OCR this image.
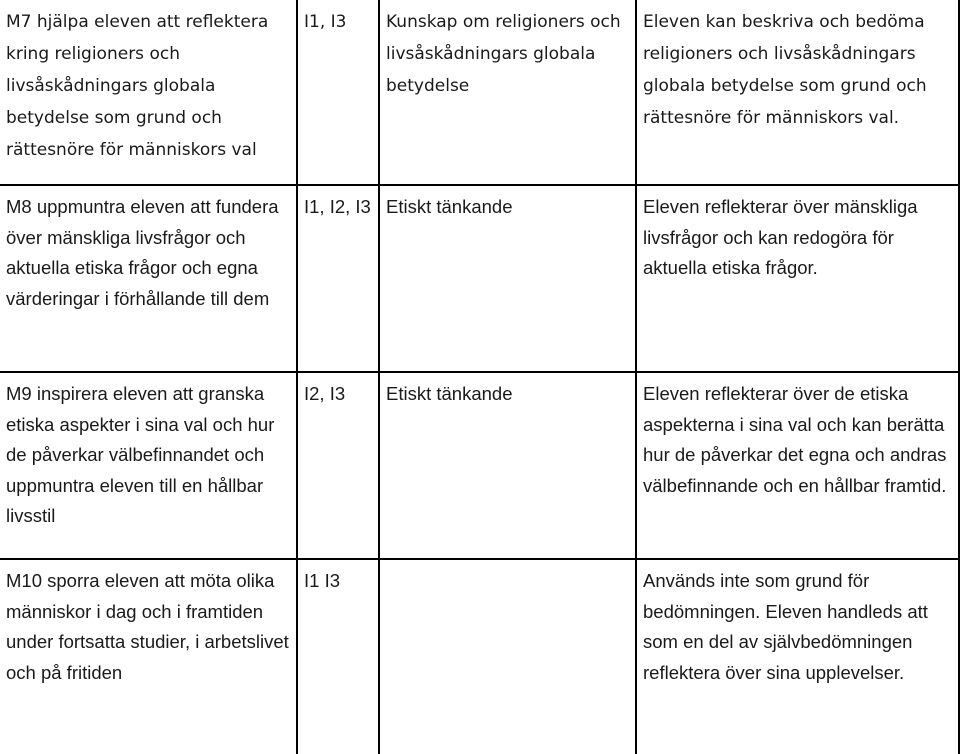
M7 hjälpa eleven att reflektera kring religioners och livsåskådningars globala betydelse som grund och rättesnöre för människors val	I1, I3	Kunskap om religioners och livsåskådningars globala betydelse	Eleven kan beskriva och bedöma religioners och livsåskådningars globala betydelse som grund och rättesnöre för människors val.
M8 uppmuntra eleven att fundera över mänskliga livsfrågor och aktuella etiska frågor och egna värderingar i förhållande till dem	I1, I2, I3	Etiskt tänkande	Eleven reflekterar över mänskliga livsfrågor och kan redogöra för aktuella etiska frågor.
M9 inspirera eleven att granska etiska aspekter i sina val och hur de påverkar välbefinnandet och uppmuntra eleven till en hållbar livsstil	I2, I3	Etiskt tänkande	Eleven reflekterar över de etiska aspekterna i sina val och kan berätta hur de påverkar det egna och andras välbefinnande och en hållbar framtid.
M10 sporra eleven att möta olika människor i dag och i framtiden under fortsatta studier, i arbetslivet och på fritiden	I1 I3		Används inte som grund för bedömningen. Eleven handleds att som en del av självbedömningen reflektera över sina upplevelser.
